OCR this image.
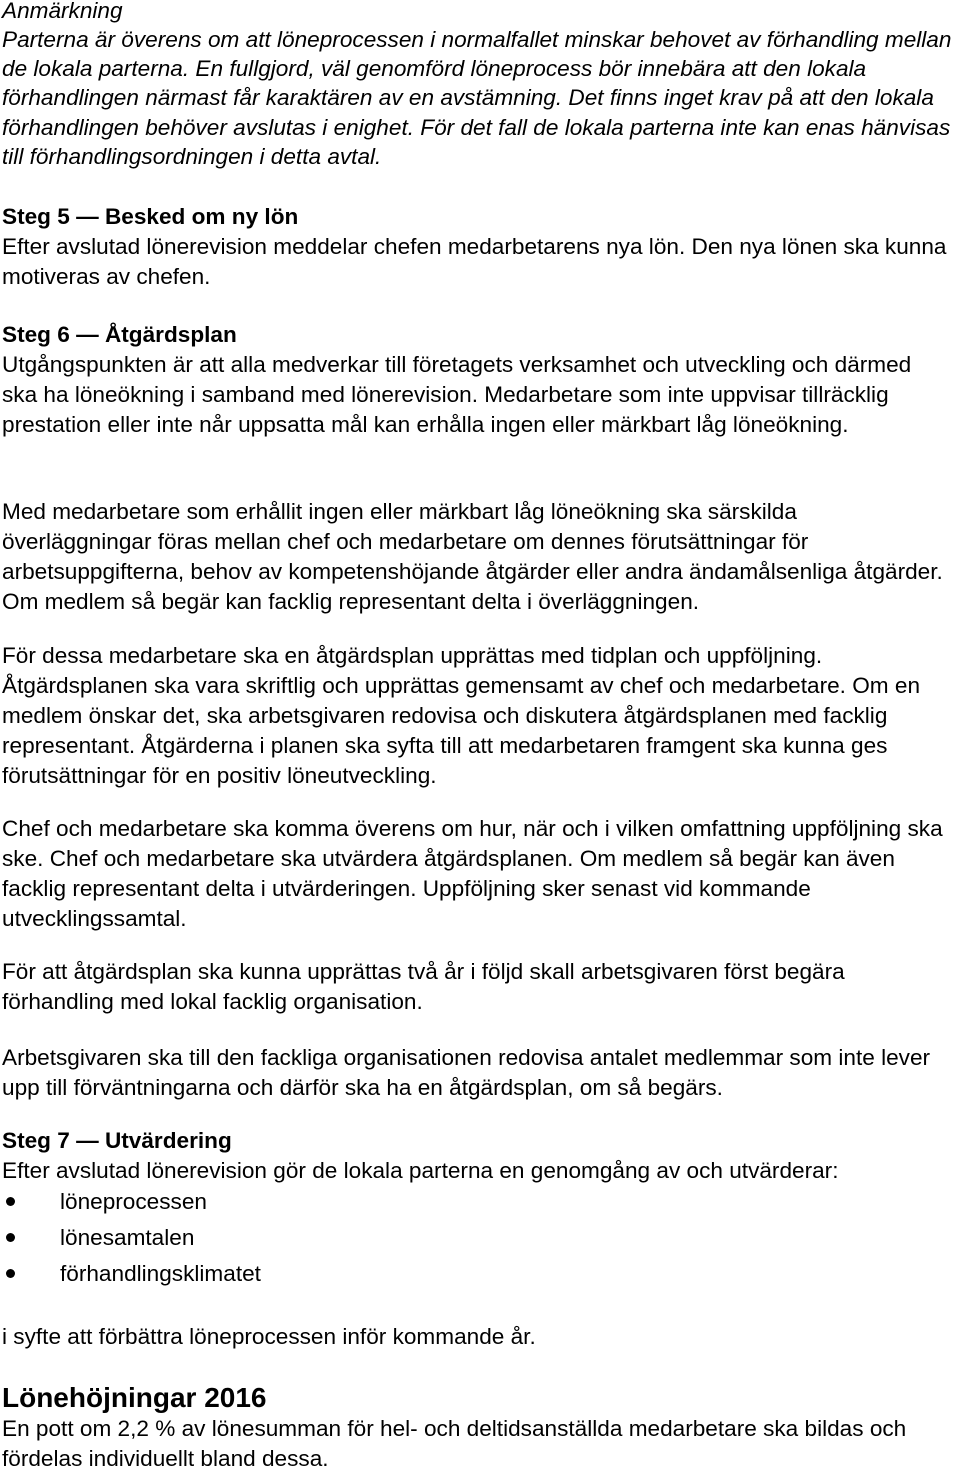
Anmärkning

Parterna är överens om att löneprocessen i normalfallet minskar behovet av förhandling mellan de lokala parterna. En fullgjord, väl genomförd löneprocess bör innebära att den lokala förhandlingen närmast får karaktären av en avstämning. Det finns inget krav på att den lokala förhandlingen behöver avslutas i enighet. För det fall de lokala parterna inte kan enas hänvisas till förhandlingsordningen i detta avtal.

Steg 5 — Besked om ny lön

Efter avslutad lönerevision meddelar chefen medarbetarens nya lön. Den nya lönen ska kunna motiveras av chefen.

Steg 6 — Åtgärdsplan

Utgångspunkten är att alla medverkar till företagets verksamhet och utveckling och därmed ska ha löneökning i samband med lönerevision. Medarbetare som inte uppvisar tillräcklig prestation eller inte når uppsatta mål kan erhålla ingen eller märkbart låg löneökning.

Med medarbetare som erhållit ingen eller märkbart låg löneökning ska särskilda överläggningar föras mellan chef och medarbetare om dennes förutsättningar för arbetsuppgifterna, behov av kompetenshöjande åtgärder eller andra ändamålsenliga åtgärder. Om medlem så begär kan facklig representant delta i överläggningen.

För dessa medarbetare ska en åtgärdsplan upprättas med tidplan och uppföljning. Åtgärdsplanen ska vara skriftlig och upprättas gemensamt av chef och medarbetare. Om en medlem önskar det, ska arbetsgivaren redovisa och diskutera åtgärdsplanen med facklig representant. Åtgärderna i planen ska syfta till att medarbetaren framgent ska kunna ges förutsättningar för en positiv löneutveckling.

Chef och medarbetare ska komma överens om hur, när och i vilken omfattning uppföljning ska ske. Chef och medarbetare ska utvärdera åtgärdsplanen. Om medlem så begär kan även facklig representant delta i utvärderingen. Uppföljning sker senast vid kommande utvecklingssamtal.

För att åtgärdsplan ska kunna upprättas två år i följd skall arbetsgivaren först begära förhandling med lokal facklig organisation.

Arbetsgivaren ska till den fackliga organisationen redovisa antalet medlemmar som inte lever upp till förväntningarna och därför ska ha en åtgärdsplan, om så begärs.

Steg 7 — Utvärdering

Efter avslutad lönerevision gör de lokala parterna en genomgång av och utvärderar:

löneprocessen
lönesamtalen
förhandlingsklimatet

i syfte att förbättra löneprocessen inför kommande år.

Lönehöjningar 2016

En pott om 2,2 % av lönesumman för hel- och deltidsanställda medarbetare ska bildas och fördelas individuellt bland dessa.
